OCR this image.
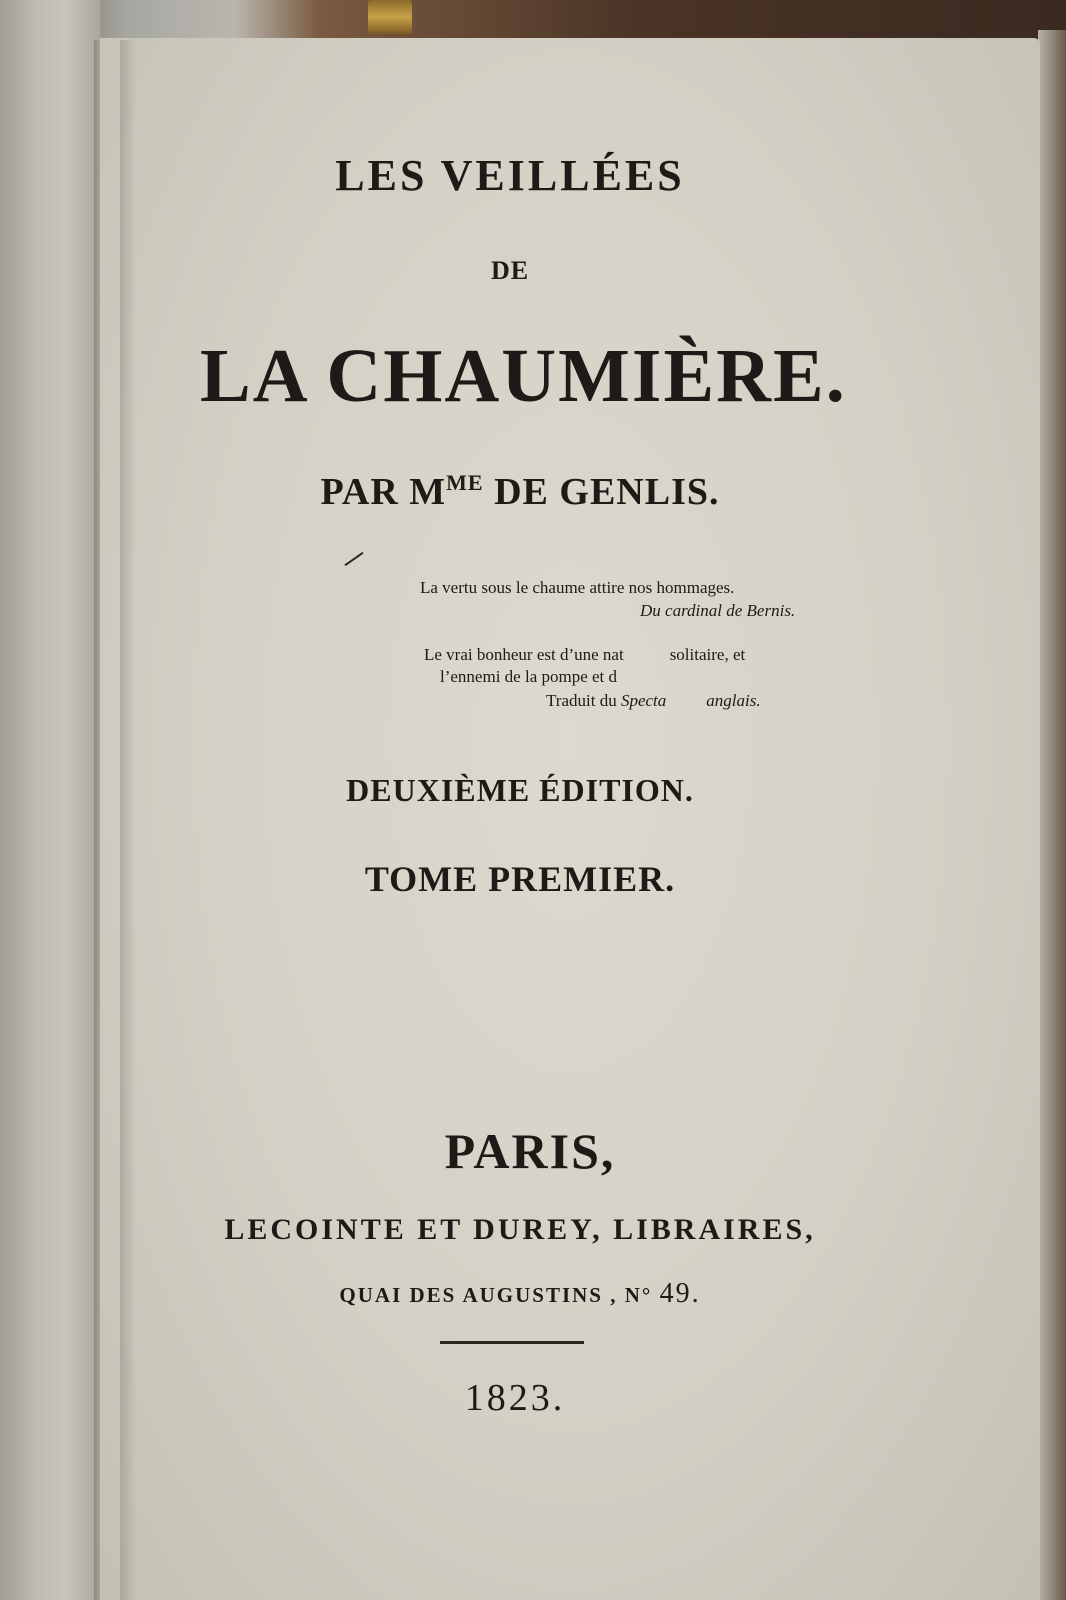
LES VEILLÉES
DE
LA CHAUMIÈRE.
PAR $M^{ME}$ DE GENLIS.
La vertu sous le chaume attire nos hommages.
Du cardinal de Bernis.
Le vrai bonheur est d’une nat	solitaire, et
l’ennemi de la pompe et d
Traduit du Specta anglais.
DEUXIÈME ÉDITION.
TOME PREMIER.
PARIS,
LECOINTE ET DUREY, LIBRAIRES,
QUAI DES AUGUSTINS , N° 49.
1823.
